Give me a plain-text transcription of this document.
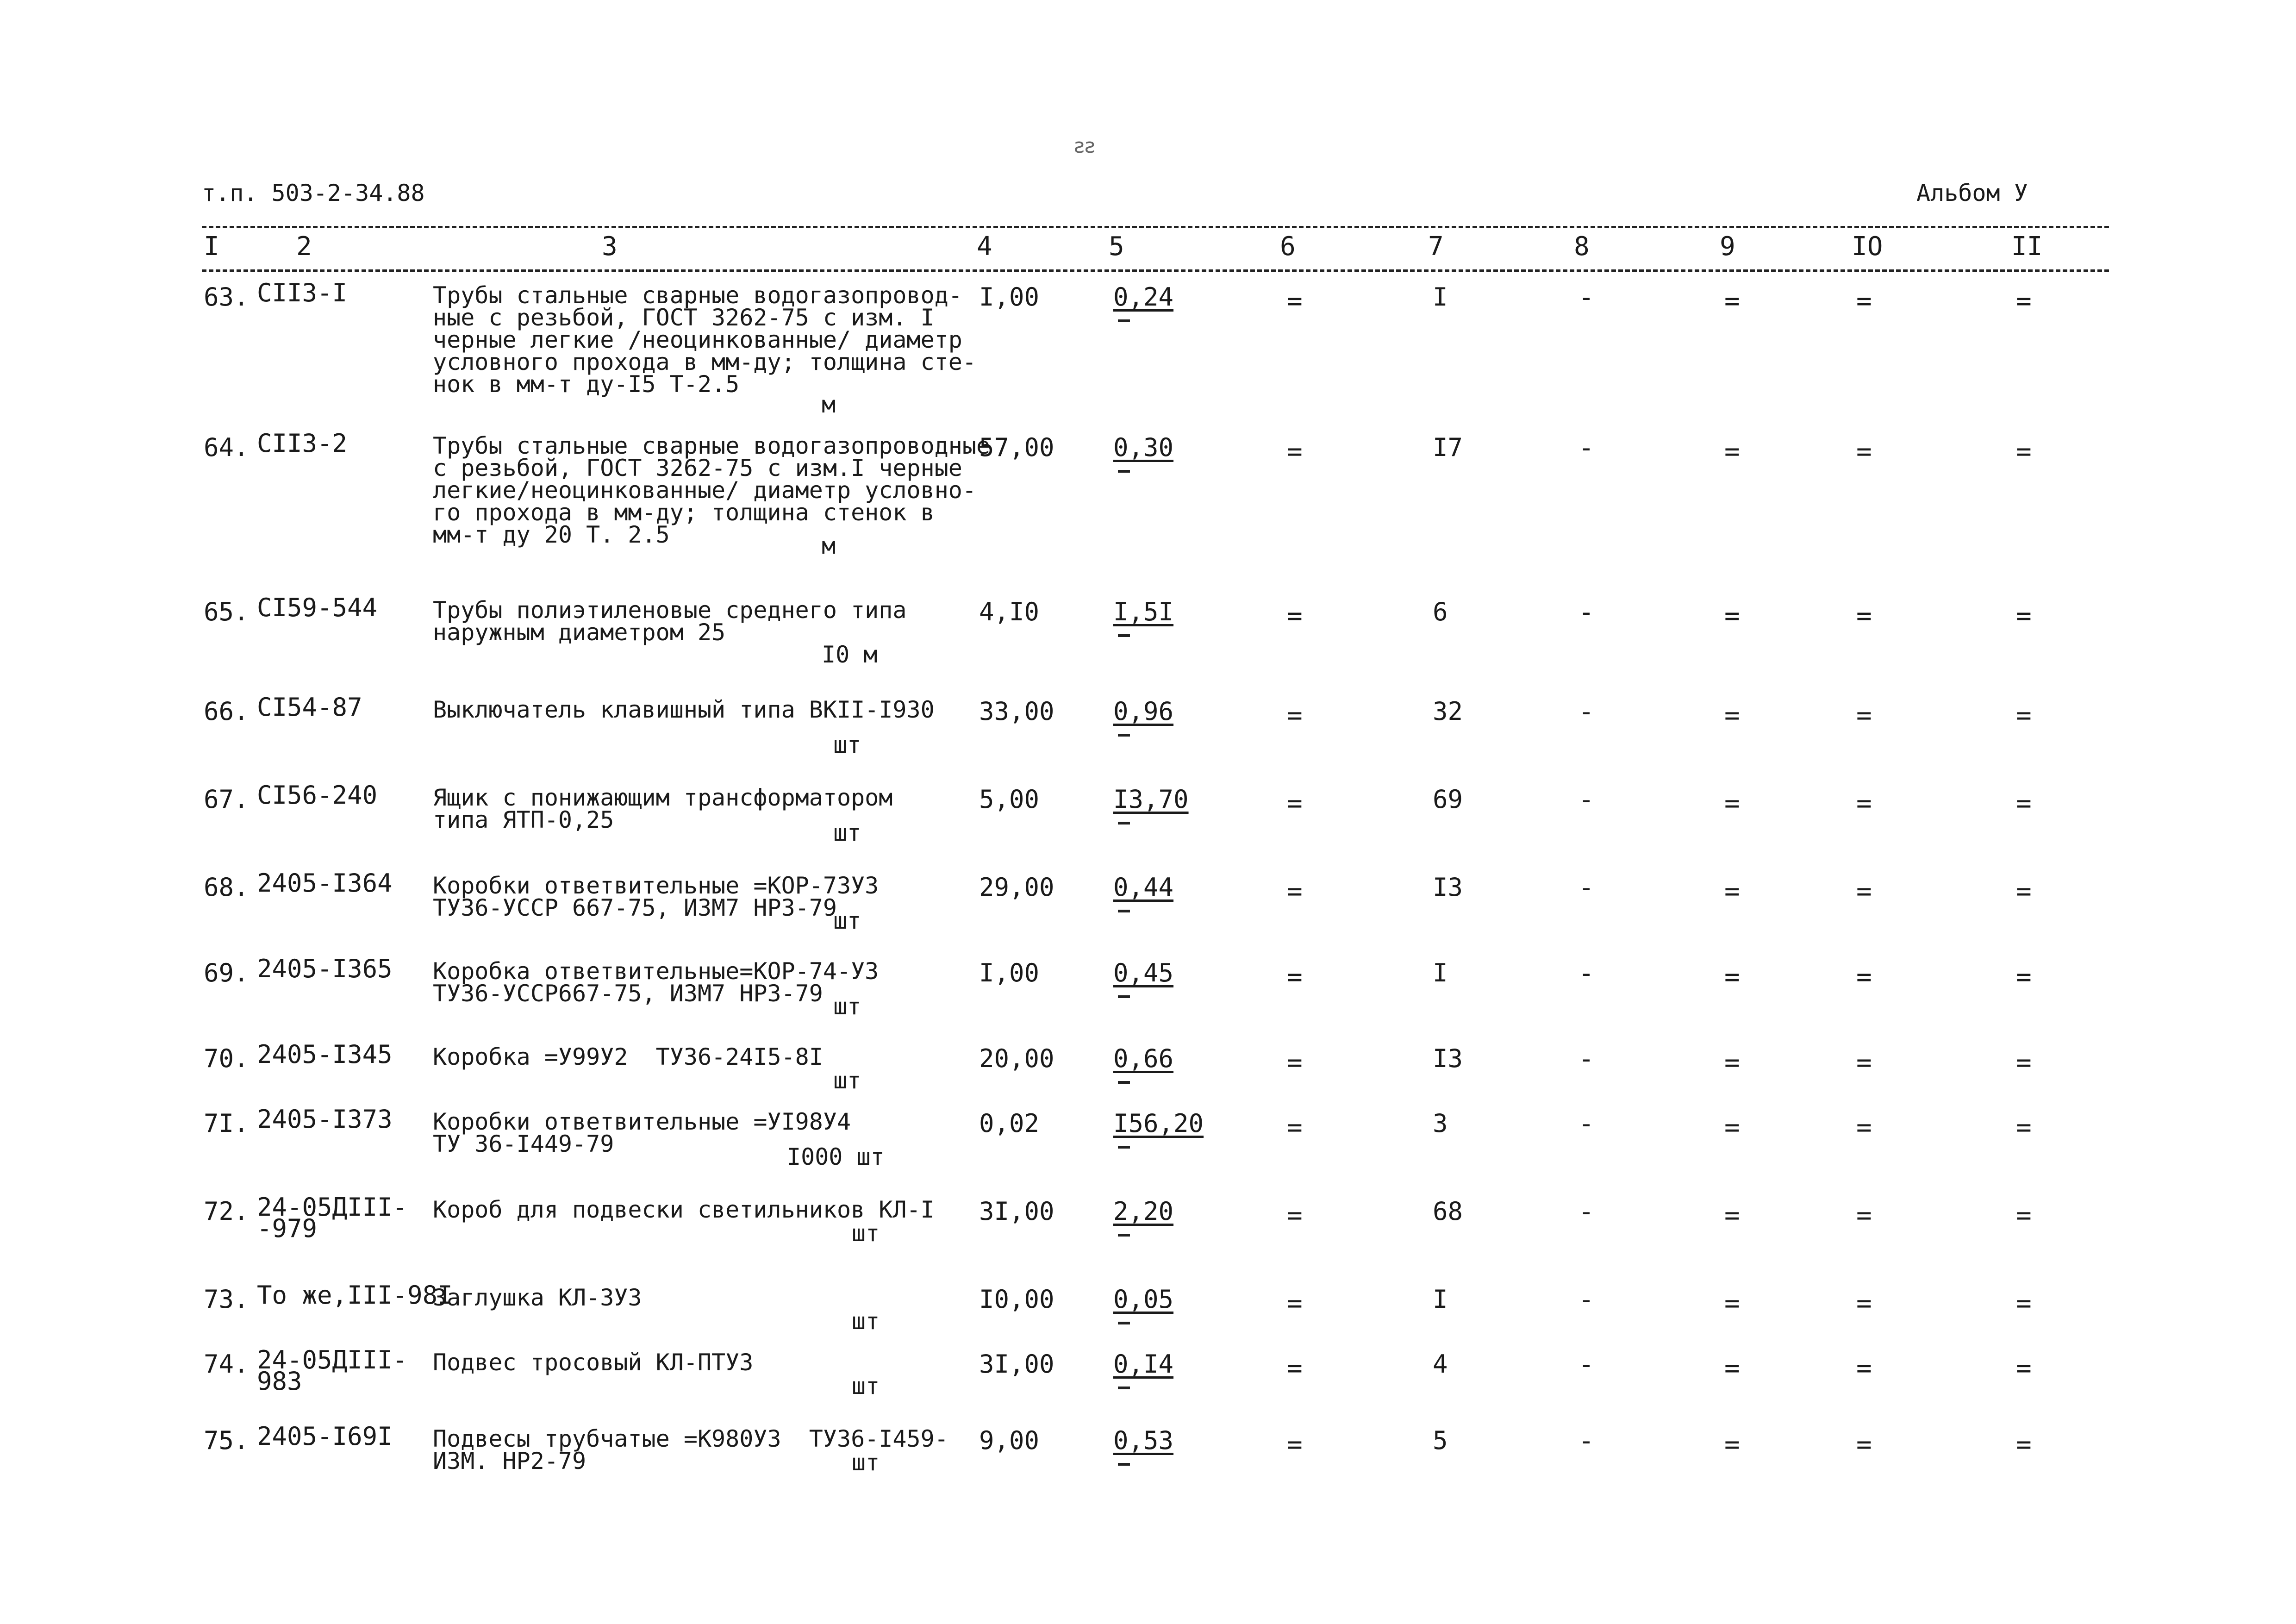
ꙅꙅ
т.п. 503-2-34.88	Альбом У
I	2	3	4	5	6	7	8	9	IO	II
63. CII3-I	Трубы стальные сварные водогазопровод-
ные с резьбой, ГОСТ 3262-75 с изм. I
черные легкие /неоцинкованные/ диаметр
условного прохода в мм-ду; толщина сте-
нок в мм-т ду-I5 Т-2.5
м
I,00	0,24	=	I	-	=	=	=
64. CII3-2	Трубы стальные сварные водогазопроводные
с резьбой, ГОСТ 3262-75 с изм.I черные
легкие/неоцинкованные/ диаметр условно-
го прохода в мм-ду; толщина стенок в
мм-т ду 20 Т. 2.5	м
57,00 0,30	=	I7	-	=	=	=
65. CI59-544 Трубы полиэтиленовые среднего типа
наружным диаметром 25
I0 м
4,I0	I,5I	=	6	-	=	=	=
66. CI54-87	Выключатель клавишный типа ВКII-I930
шт
33,00 0,96	=	32	-	=	=	=
67. CI56-240 Ящик с понижающим трансформатором
типа ЯТП-0,25	шт
5,00	I3,70	=	69	-	=	=	=
68. 2405-I364 Коробки ответвительные =КОР-73У3
ТУ36-УССР 667-75, ИЗМ7 НР3-79
шт
29,00 0,44	=	I3	-	=	=	=
69. 2405-I365 Коробка ответвительные=КОР-74-У3
ТУ36-УССР667-75, ИЗМ7 НР3-79 шт
I,00	0,45	=	I	-	=	=	=
70. 2405-I345 Коробка =У99У2  ТУ36-24I5-8I
шт
20,00 0,66	=	I3	-	=	=	=
7I. 2405-I373 Коробки ответвительные =УI98У4
ТУ 36-I449-79	I000 шт
0,02	I56,20	=	3	-	=	=	=
72. 24-05ДIII-
-979
Короб для подвески светильников КЛ-I
шт
3I,00 2,20	=	68	-	=	=	=
73. То же,III-98I
Заглушка КЛ-3У3
шт
I0,00 0,05	=	I	-	=	=	=
74. 24-05ДIII-
983
Подвес тросовый КЛ-ПТУ3
шт
3I,00 0,I4	=	4	-	=	=	=
75. 2405-I69I Подвесы трубчатые =К980У3  ТУ36-I459-
ИЗМ. НР2-79	шт
9,00	0,53	=	5	-	=	=	=
